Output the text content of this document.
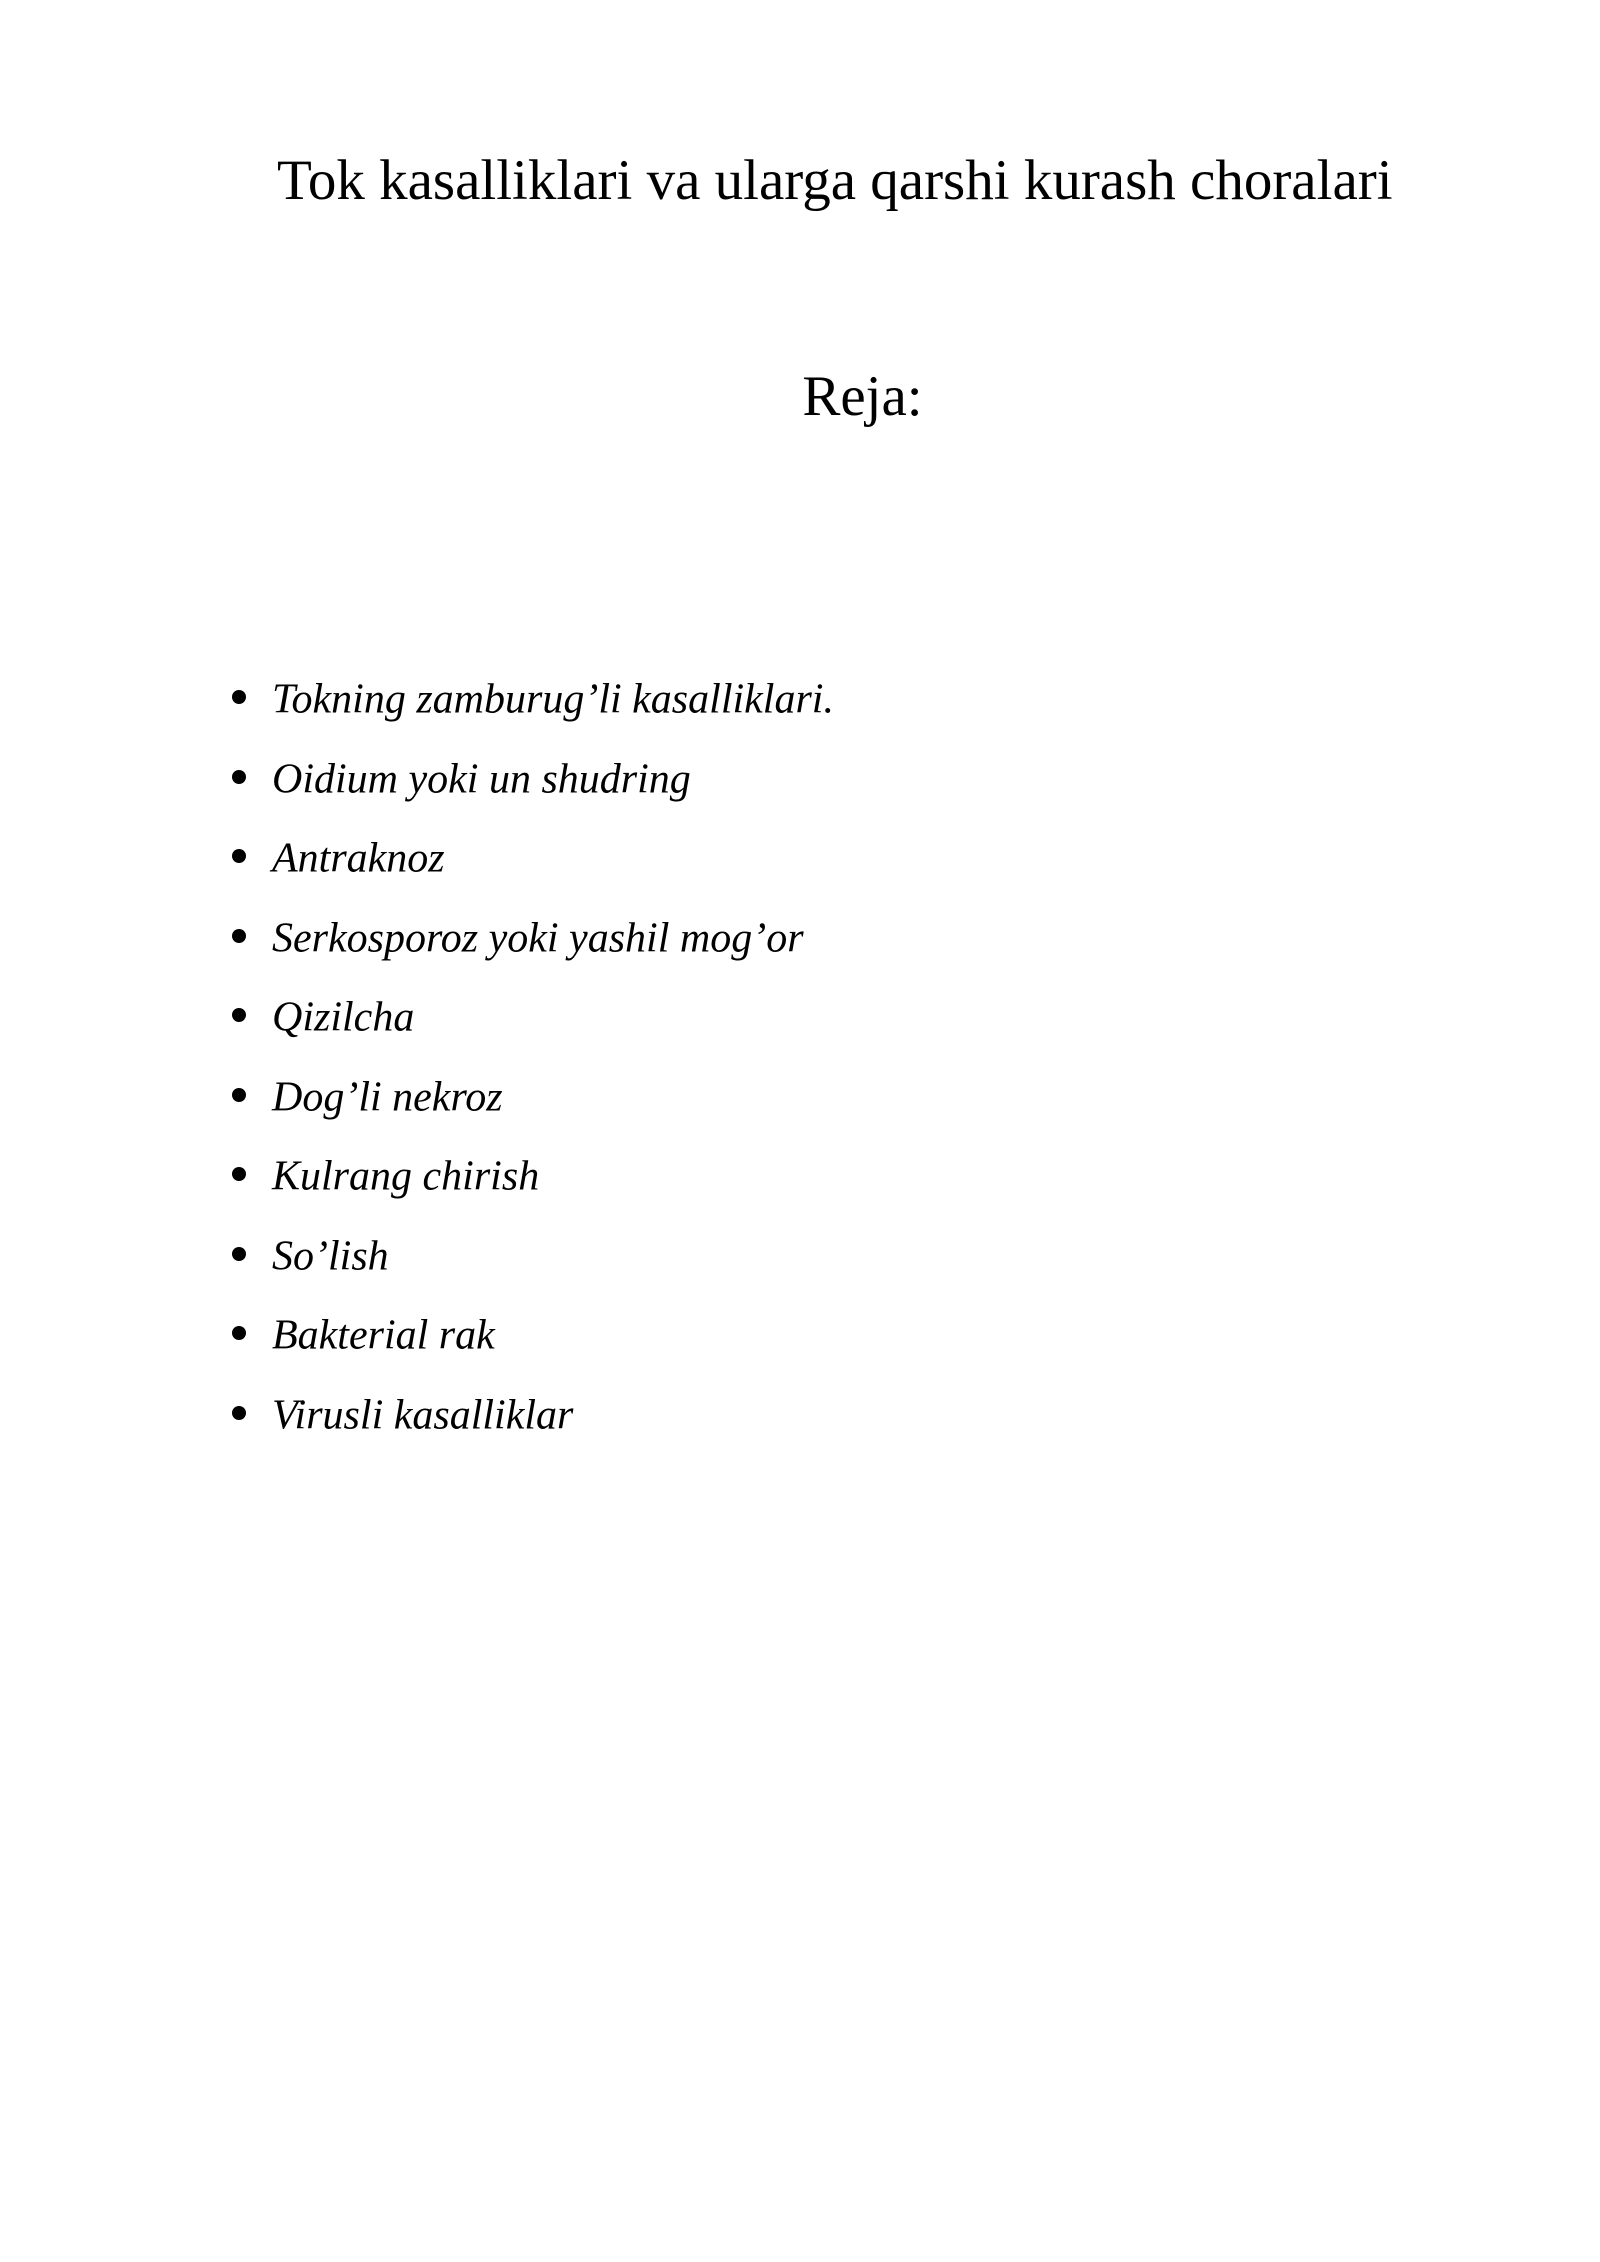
Tok kasalliklari va ularga qarshi kurash choralari
Reja:
Tokning zamburug’li kasalliklari.
Oidium yoki un shudring
Antraknoz
Serkosporoz yoki yashil mog’or
Qizilcha
Dog’li nekroz
Kulrang chirish
So’lish
Bakterial rak
Virusli kasalliklar
